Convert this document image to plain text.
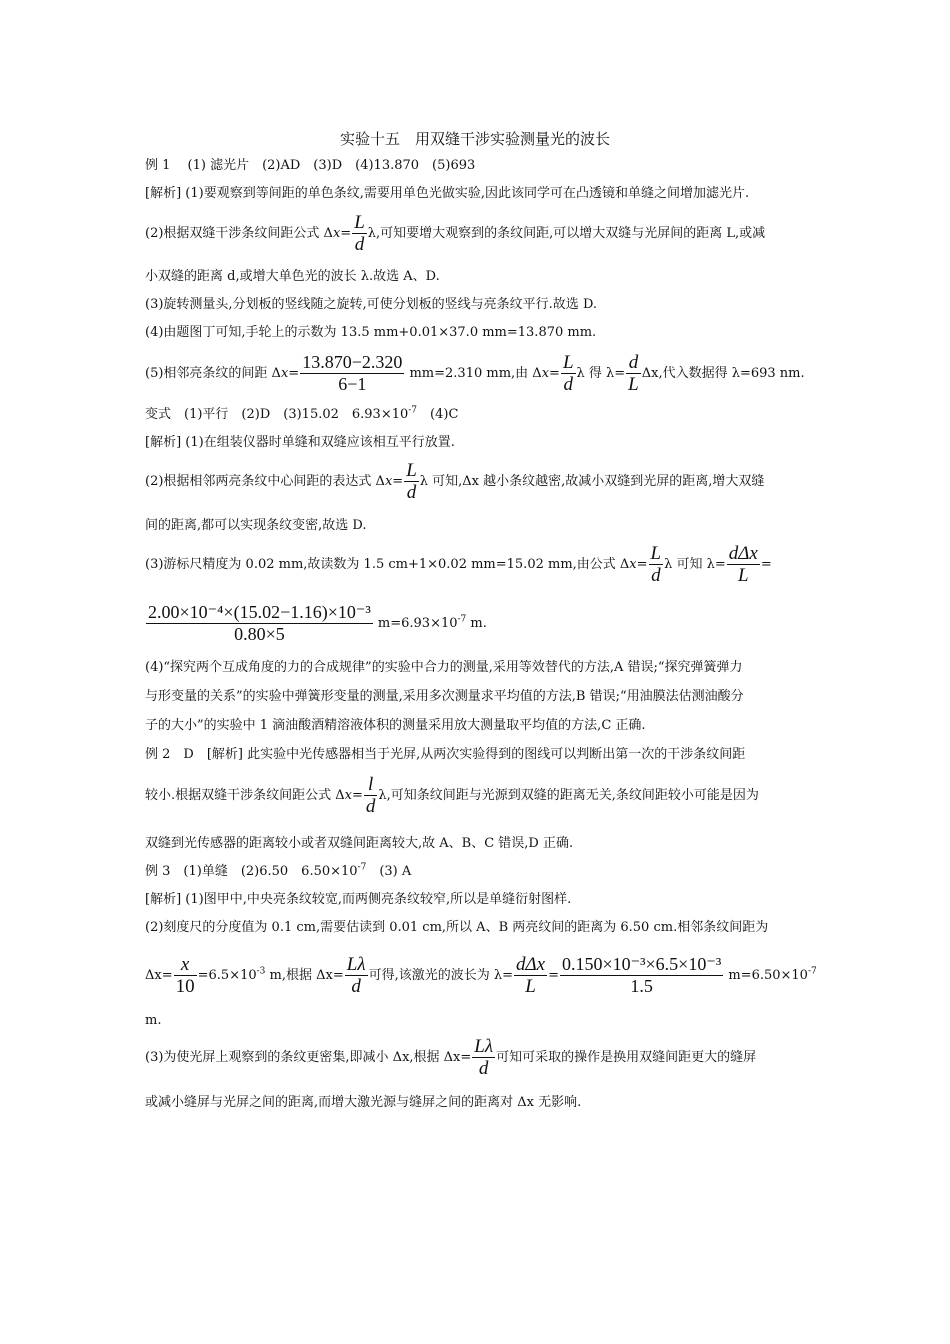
实验十五　用双缝干涉实验测量光的波长
例 1　 (1) 滤光片　(2)AD　(3)D　(4)13.870　(5)693
[解析] (1)要观察到等间距的单色条纹,需要用单色光做实验,因此该同学可在凸透镜和单缝之间增加滤光片.
(2)根据双缝干涉条纹间距公式 $\Delta x= \frac{L}{d} \lambda$,可知要增大观察到的条纹间距,可以增大双缝与光屏间的距离 L,或减
小双缝的距离 d,或增大单色光的波长 λ.故选 A、D.
(3)旋转测量头,分划板的竖线随之旋转,可使分划板的竖线与亮条纹平行.故选 D.
(4)由题图丁可知,手轮上的示数为 13.5 mm+0.01×37.0 mm=13.870 mm.
(5)相邻亮条纹的间距 $\Delta x= \frac{13.870-2.320}{6-1} mm=2.310$ mm,由 $\Delta x= \frac{L}{d}$ λ 得 $\lambda= \frac{d}{L} \Delta x$,代入数据得 λ=693 nm.
变式　(1)平行　(2)D　(3)15.02　$6.93\times 10^{-7}$　(4)C
[解析] (1)在组装仪器时单缝和双缝应该相互平行放置.
(2)根据相邻两亮条纹中心间距的表达式 $\Delta x= \frac{L}{d}$ λ 可知,Δx 越小条纹越密,故减小双缝到光屏的距离,增大双缝
间的距离,都可以实现条纹变密,故选 D.
(3)游标尺精度为 0.02 mm,故读数为 1.5 cm+1×0.02 mm=15.02 mm,由公式 $\Delta x= \frac{L}{d}$ λ 可知 $\lambda= \frac{\text{dΔx}}{L}$ =
$\frac{\text{2.00×10⁻⁴×(15.02−1.16)×10⁻³}}{0.80\times 5} m=6.93\times 10^{-7}$ m.
(4)“探究两个互成角度的力的合成规律”的实验中合力的测量,采用等效替代的方法,A 错误;“探究弹簧弹力
与形变量的关系”的实验中弹簧形变量的测量,采用多次测量求平均值的方法,B 错误;“用油膜法估测油酸分
子的大小”的实验中 1 滴油酸酒精溶液体积的测量采用放大测量取平均值的方法,C 正确.
例 2　D　[解析] 此实验中光传感器相当于光屏,从两次实验得到的图线可以判断出第一次的干涉条纹间距
较小.根据双缝干涉条纹间距公式 $\Delta x= \frac{l}{d} \lambda$,可知条纹间距与光源到双缝的距离无关,条纹间距较小可能是因为
双缝到光传感器的距离较小或者双缝间距离较大,故 A、B、C 错误,D 正确.
例 3　(1)单缝　(2)6.50　$6.50\times 10^{-7}$　(3) A
[解析] (1)图甲中,中央亮条纹较宽,而两侧亮条纹较窄,所以是单缝衍射图样.
(2)刻度尺的分度值为 0.1 cm,需要估读到 0.01 cm,所以 A、B 两亮纹间的距离为 6.50 cm.相邻条纹间距为
$\Delta x= \frac{x}{10} =6.5\times 10^{-3}$ m,根据 $\Delta x= \frac{L\lambda}{d}$ 可得,该激光的波长为 $\lambda= \frac{\text{dΔx}}{L} = \frac{\text{0.150×10⁻³×6.5×10⁻³}}{1.5} m=6.50\times 10^{-7}$
m.
(3)为使光屏上观察到的条纹更密集,即减小 Δx,根据 $\Delta x= \frac{L\lambda}{d}$ 可知可采取的操作是换用双缝间距更大的缝屏
或减小缝屏与光屏之间的距离,而增大激光源与缝屏之间的距离对 Δx 无影响.
